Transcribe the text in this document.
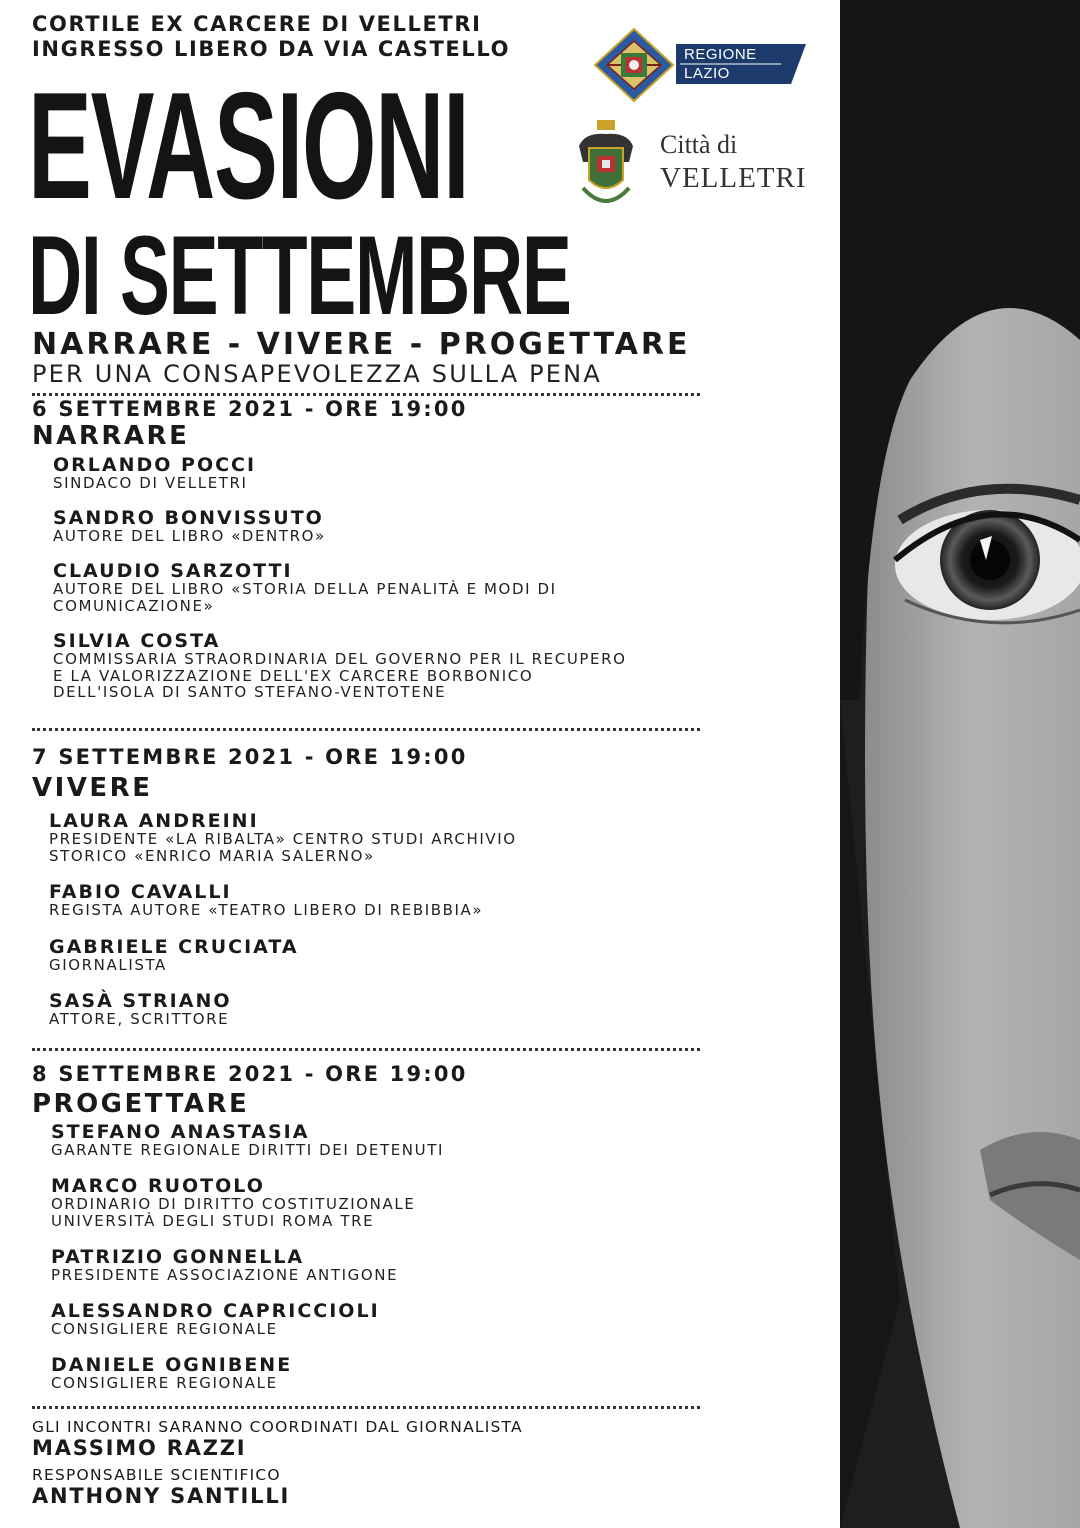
CORTILE EX CARCERE DI VELLETRI
INGRESSO LIBERO DA VIA CASTELLO
EVASIONI
DI SETTEMBRE
NARRARE - VIVERE - PROGETTARE
PER UNA CONSAPEVOLEZZA SULLA PENA
REGIONE
LAZIO
Città di
VELLETRI
6 SETTEMBRE 2021 - ORE 19:00
NARRARE
ORLANDO POCCI
SINDACO DI VELLETRI
SANDRO BONVISSUTO
AUTORE DEL LIBRO «DENTRO»
CLAUDIO SARZOTTI
AUTORE DEL LIBRO «STORIA DELLA PENALITÀ E MODI DI
COMUNICAZIONE»
SILVIA COSTA
COMMISSARIA STRAORDINARIA DEL GOVERNO PER IL RECUPERO
E LA VALORIZZAZIONE DELL'EX CARCERE BORBONICO
DELL'ISOLA DI SANTO STEFANO-VENTOTENE
7 SETTEMBRE 2021 - ORE 19:00
VIVERE
LAURA ANDREINI
PRESIDENTE «LA RIBALTA» CENTRO STUDI ARCHIVIO
STORICO «ENRICO MARIA SALERNO»
FABIO CAVALLI
REGISTA AUTORE «TEATRO LIBERO DI REBIBBIA»
GABRIELE CRUCIATA
GIORNALISTA
SASÀ STRIANO
ATTORE, SCRITTORE
8 SETTEMBRE 2021 - ORE 19:00
PROGETTARE
STEFANO ANASTASIA
GARANTE REGIONALE DIRITTI DEI DETENUTI
MARCO RUOTOLO
ORDINARIO DI DIRITTO COSTITUZIONALE
UNIVERSITÀ DEGLI STUDI ROMA TRE
PATRIZIO GONNELLA
PRESIDENTE ASSOCIAZIONE ANTIGONE
ALESSANDRO CAPRICCIOLI
CONSIGLIERE REGIONALE
DANIELE OGNIBENE
CONSIGLIERE REGIONALE
GLI INCONTRI SARANNO COORDINATI DAL GIORNALISTA
MASSIMO RAZZI
RESPONSABILE SCIENTIFICO
ANTHONY SANTILLI
